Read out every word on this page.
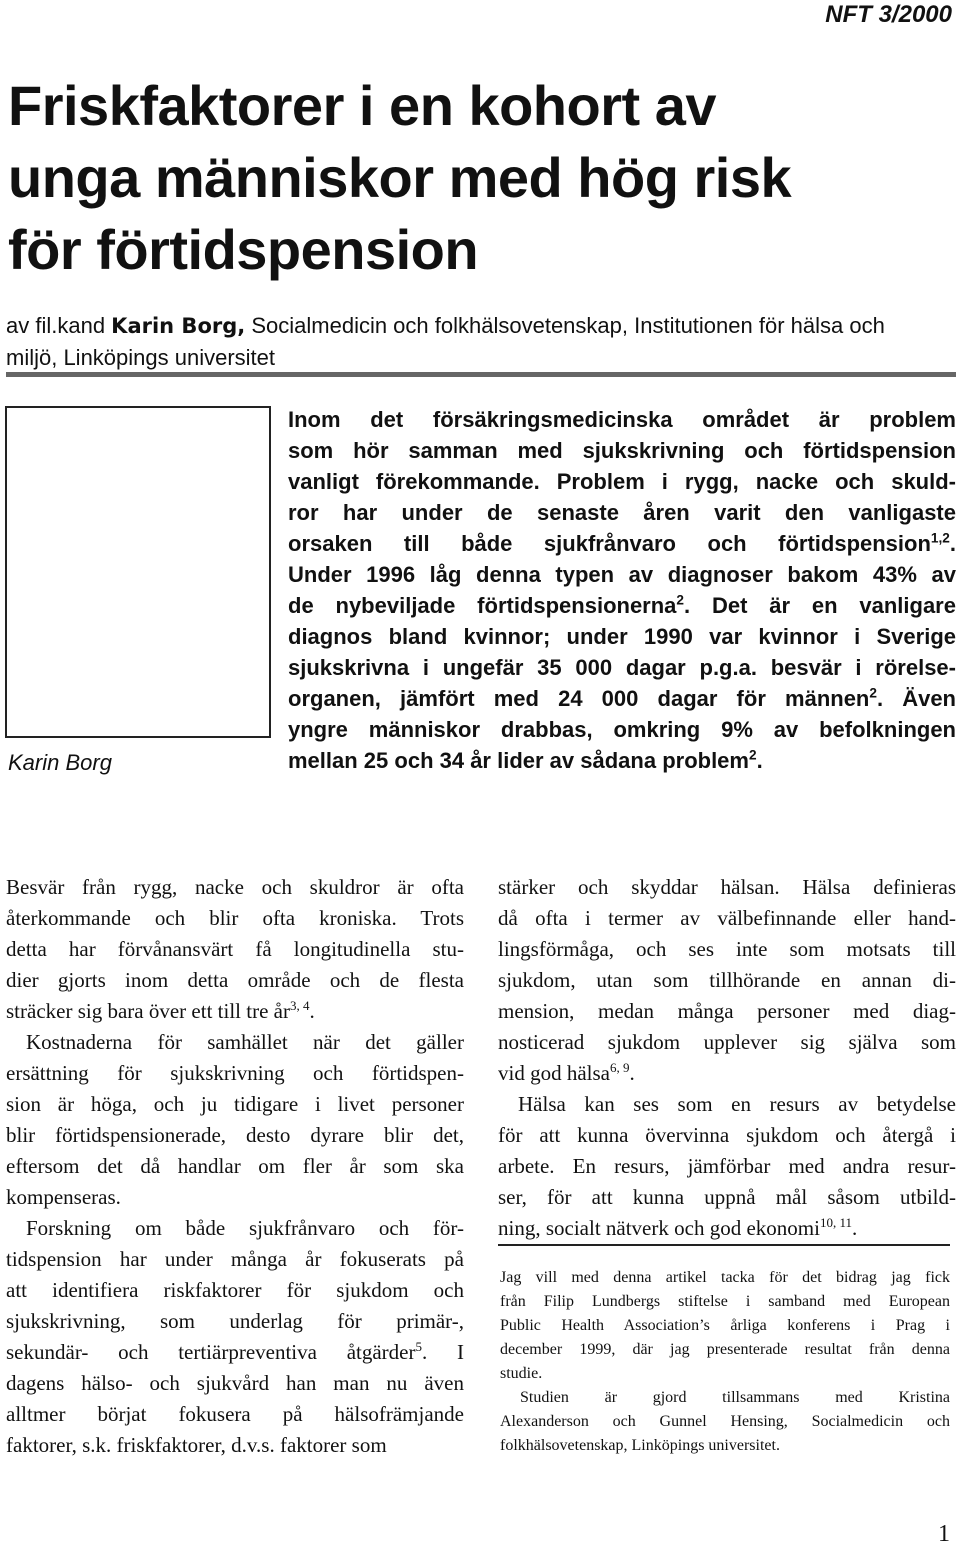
NFT 3/2000
Friskfaktorer i en kohort av
unga människor med hög risk
för förtidspension
av fil.kand Karin Borg, Socialmedicin och folkhälsovetenskap, Institutionen för hälsa och
miljö, Linköpings universitet
Karin Borg
Inom det försäkringsmedicinska området är problem
som hör samman med sjukskrivning och förtidspension
vanligt förekommande. Problem i rygg, nacke och skuld-
ror har under de senaste åren varit den vanligaste
orsaken till både sjukfrånvaro och förtidspension$^{1,2}$.
Under 1996 låg denna typen av diagnoser bakom 43% av
de nybeviljade förtidspensionerna$^2$. Det är en vanligare
diagnos bland kvinnor; under 1990 var kvinnor i Sverige
sjukskrivna i ungefär 35 000 dagar p.g.a. besvär i rörelse-
organen, jämfört med 24 000 dagar för männen$^2$. Även
yngre människor drabbas, omkring 9% av befolkningen
mellan 25 och 34 år lider av sådana problem$^2$.
Besvär från rygg, nacke och skuldror är ofta
återkommande och blir ofta kroniska. Trots
detta har förvånansvärt få longitudinella stu-
dier gjorts inom detta område och de flesta
sträcker sig bara över ett till tre år$^{3, 4}$.
Kostnaderna för samhället när det gäller
ersättning för sjukskrivning och förtidspen-
sion är höga, och ju tidigare i livet personer
blir förtidspensionerade, desto dyrare blir det,
eftersom det då handlar om fler år som ska
kompenseras.
Forskning om både sjukfrånvaro och för-
tidspension har under många år fokuserats på
att identifiera riskfaktorer för sjukdom och
sjukskrivning, som underlag för primär-,
sekundär- och tertiärpreventiva åtgärder$^5$. I
dagens hälso- och sjukvård han man nu även
alltmer börjat fokusera på hälsofrämjande
faktorer, s.k. friskfaktorer, d.v.s. faktorer som
stärker och skyddar hälsan. Hälsa definieras
då ofta i termer av välbefinnande eller hand-
lingsförmåga, och ses inte som motsats till
sjukdom, utan som tillhörande en annan di-
mension, medan många personer med diag-
nosticerad sjukdom upplever sig själva som
vid god hälsa$^{6, 9}$.
Hälsa kan ses som en resurs av betydelse
för att kunna övervinna sjukdom och återgå i
arbete. En resurs, jämförbar med andra resur-
ser, för att kunna uppnå mål såsom utbild-
ning, socialt nätverk och god ekonomi$^{10, 11}$.
Jag vill med denna artikel tacka för det bidrag jag fick
från Filip Lundbergs stiftelse i samband med European
Public Health Association’s årliga konferens i Prag i
december 1999, där jag presenterade resultat från denna
studie.
Studien är gjord tillsammans med Kristina
Alexanderson och Gunnel Hensing, Socialmedicin och
folkhälsovetenskap, Linköpings universitet.
1
